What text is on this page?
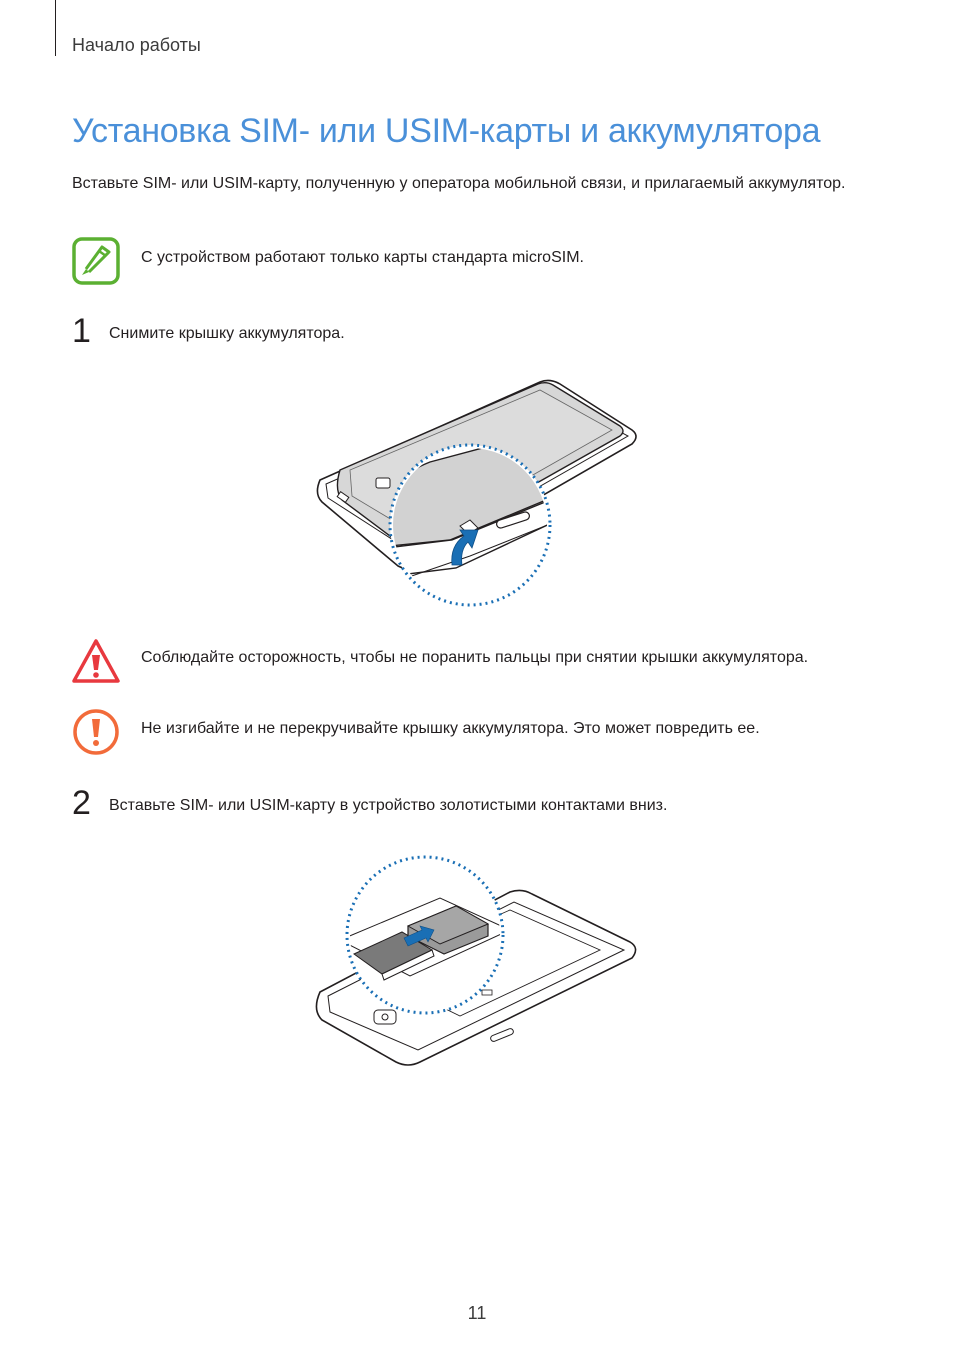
Начало работы
Установка SIM- или USIM-карты и аккумулятора
Вставьте SIM- или USIM-карту, полученную у оператора мобильной связи, и прилагаемый аккумулятор.
С устройством работают только карты стандарта microSIM.
1 Снимите крышку аккумулятора.
Соблюдайте осторожность, чтобы не поранить пальцы при снятии крышки аккумулятора.
Не изгибайте и не перекручивайте крышку аккумулятора. Это может повредить ее.
2 Вставьте SIM- или USIM-карту в устройство золотистыми контактами вниз.
11
